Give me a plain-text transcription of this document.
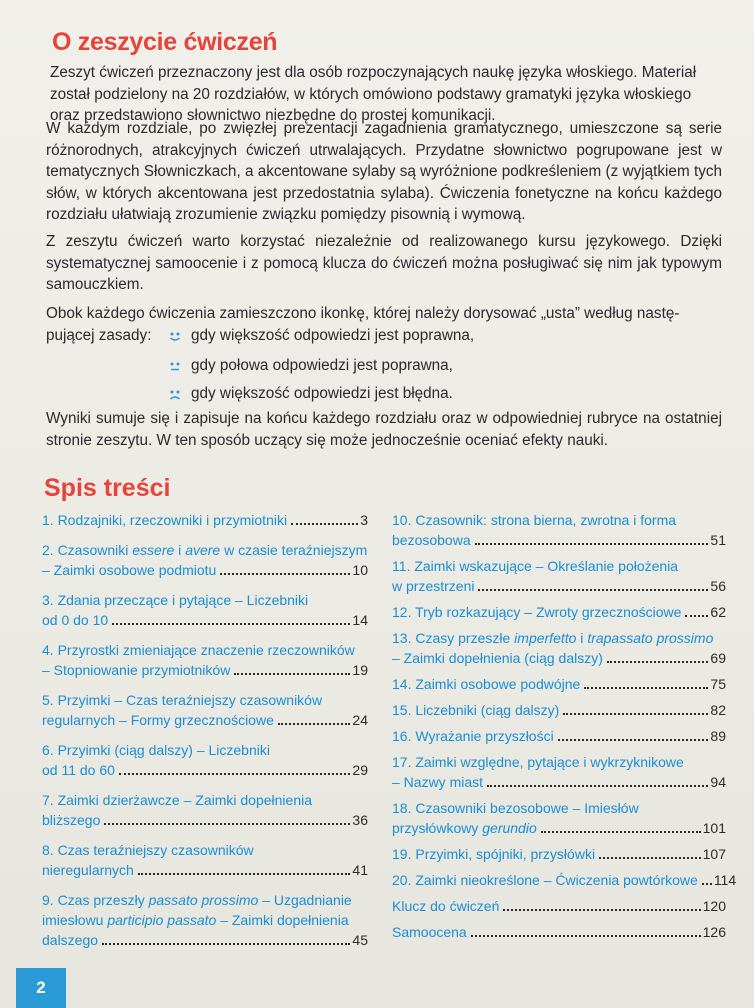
O zeszycie ćwiczeń

Zeszyt ćwiczeń przeznaczony jest dla osób rozpoczynających naukę języka włoskiego. Materiał został podzielony na 20 rozdziałów, w których omówiono podstawy gramatyki języka włoskiego oraz przedstawiono słownictwo niezbędne do prostej komunikacji.

W każdym rozdziale, po zwięzłej prezentacji zagadnienia gramatycznego, umieszczone są serie różnorodnych, atrakcyjnych ćwiczeń utrwalających. Przydatne słownictwo pogrupowane jest w tematycznych Słowniczkach, a akcentowane sylaby są wyróżnione podkreśleniem (z wyjątkiem tych słów, w których akcentowana jest przedostatnia sylaba). Ćwiczenia fonetyczne na końcu każdego rozdziału ułatwiają zrozumienie związku pomiędzy pisownią i wymową.

Z zeszytu ćwiczeń warto korzystać niezależnie od realizowanego kursu językowego. Dzięki systematycznej samoocenie i z pomocą klucza do ćwiczeń można posługiwać się nim jak typowym samouczkiem.

Obok każdego ćwiczenia zamieszczono ikonkę, której należy dorysować „usta” według nastę-
pującej zasady:	gdy większość odpowiedzi jest poprawna,
gdy połowa odpowiedzi jest poprawna,
gdy większość odpowiedzi jest błędna.

Wyniki sumuje się i zapisuje na końcu każdego rozdziału oraz w odpowiedniej rubryce na ostatniej stronie zeszytu. W ten sposób uczący się może jednocześnie oceniać efekty nauki.

Spis treści
1. Rodzajniki, rzeczowniki i przymiotniki	3
2. Czasowniki essere i avere w czasie teraźniejszym
– Zaimki osobowe podmiotu	10
3. Zdania przeczące i pytające – Liczebniki
od 0 do 10	14
4. Przyrostki zmieniające znaczenie rzeczowników
– Stopniowanie przymiotników	19
5. Przyimki – Czas teraźniejszy czasowników
regularnych – Formy grzecznościowe	24
6. Przyimki (ciąg dalszy) – Liczebniki
od 11 do 60	29
7. Zaimki dzierżawcze – Zaimki dopełnienia
bliższego	36
8. Czas teraźniejszy czasowników
nieregularnych	41
9. Czas przeszły passato prossimo – Uzgadnianie
imiesłowu participio passato – Zaimki dopełnienia
dalszego	45
10. Czasownik: strona bierna, zwrotna i forma
bezosobowa	51
11. Zaimki wskazujące – Określanie położenia
w przestrzeni	56
12. Tryb rozkazujący – Zwroty grzecznościowe 62
13. Czasy przeszłe imperfetto i trapassato prossimo
– Zaimki dopełnienia (ciąg dalszy)	69
14. Zaimki osobowe podwójne	75
15. Liczebniki (ciąg dalszy)	82
16. Wyrażanie przyszłości	89
17. Zaimki względne, pytające i wykrzyknikowe
– Nazwy miast	94
18. Czasowniki bezosobowe – Imiesłów
przysłówkowy gerundio	101
19. Przyimki, spójniki, przysłówki	107
20. Zaimki nieokreślone – Ćwiczenia powtórkowe 114
Klucz do ćwiczeń	120
Samoocena	126
2
